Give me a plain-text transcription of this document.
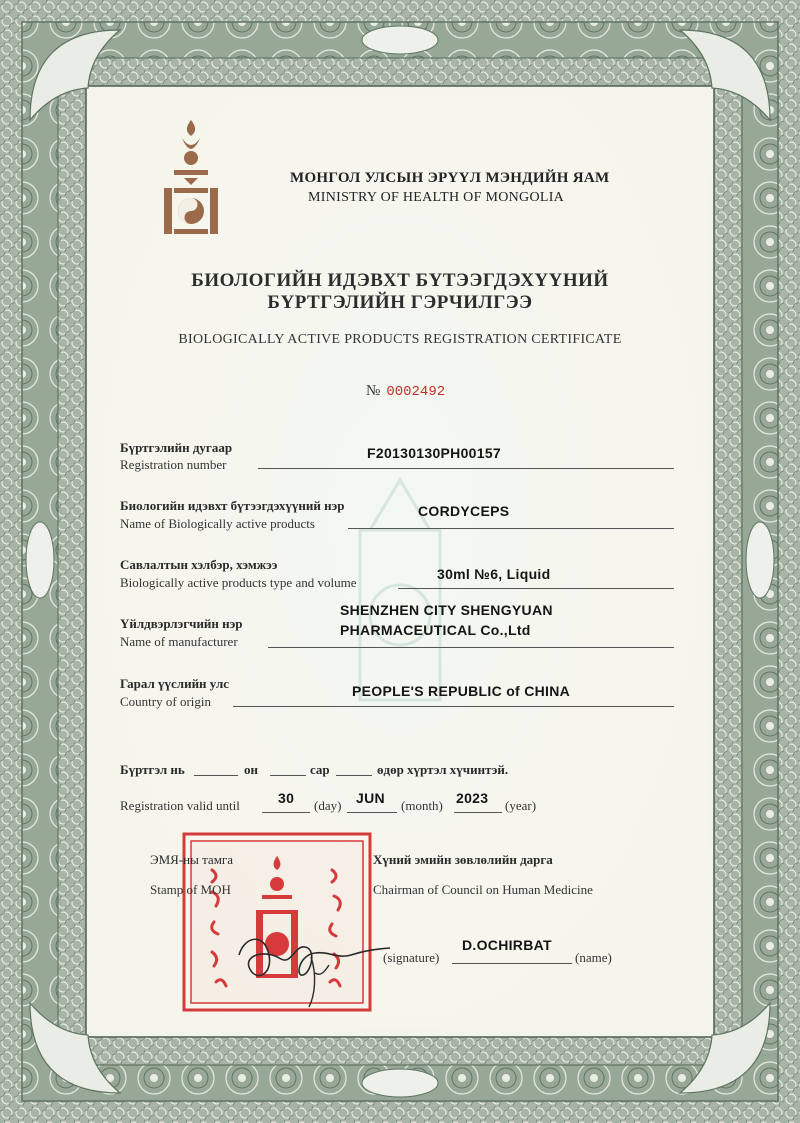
МОНГОЛ УЛСЫН ЭРҮҮЛ МЭНДИЙН ЯАМ
MINISTRY OF HEALTH OF MONGOLIA
БИОЛОГИЙН ИДЭВХТ БҮТЭЭГДЭХҮҮНИЙ
БҮРТГЭЛИЙН ГЭРЧИЛГЭЭ
BIOLOGICALLY ACTIVE PRODUCTS REGISTRATION CERTIFICATE
№ 0002492
Бүртгэлийн дугаар
Registration number
F20130130PH00157
Биологийн идэвхт бүтээгдэхүүний нэр
Name of Biologically active products
CORDYCEPS
Савлалтын хэлбэр, хэмжээ
Biologically active products type and volume
30ml №6, Liquid
Үйлдвэрлэгчийн нэр
Name of manufacturer
SHENZHEN CITY SHENGYUAN
PHARMACEUTICAL Co.,Ltd
Гарал үүслийн улс
Country of origin
PEOPLE'S REPUBLIC of CHINA
Бүртгэл нь	он	сар	өдөр хүртэл хүчинтэй.
Registration valid until	30 (day) JUN (month) 2023 (year)
ЭМЯ-ны тамга
Stamp of MOH
Хүний эмийн зөвлөлийн дарга
Chairman of Council on Human Medicine
(signature)
D.OCHIRBAT
(name)
